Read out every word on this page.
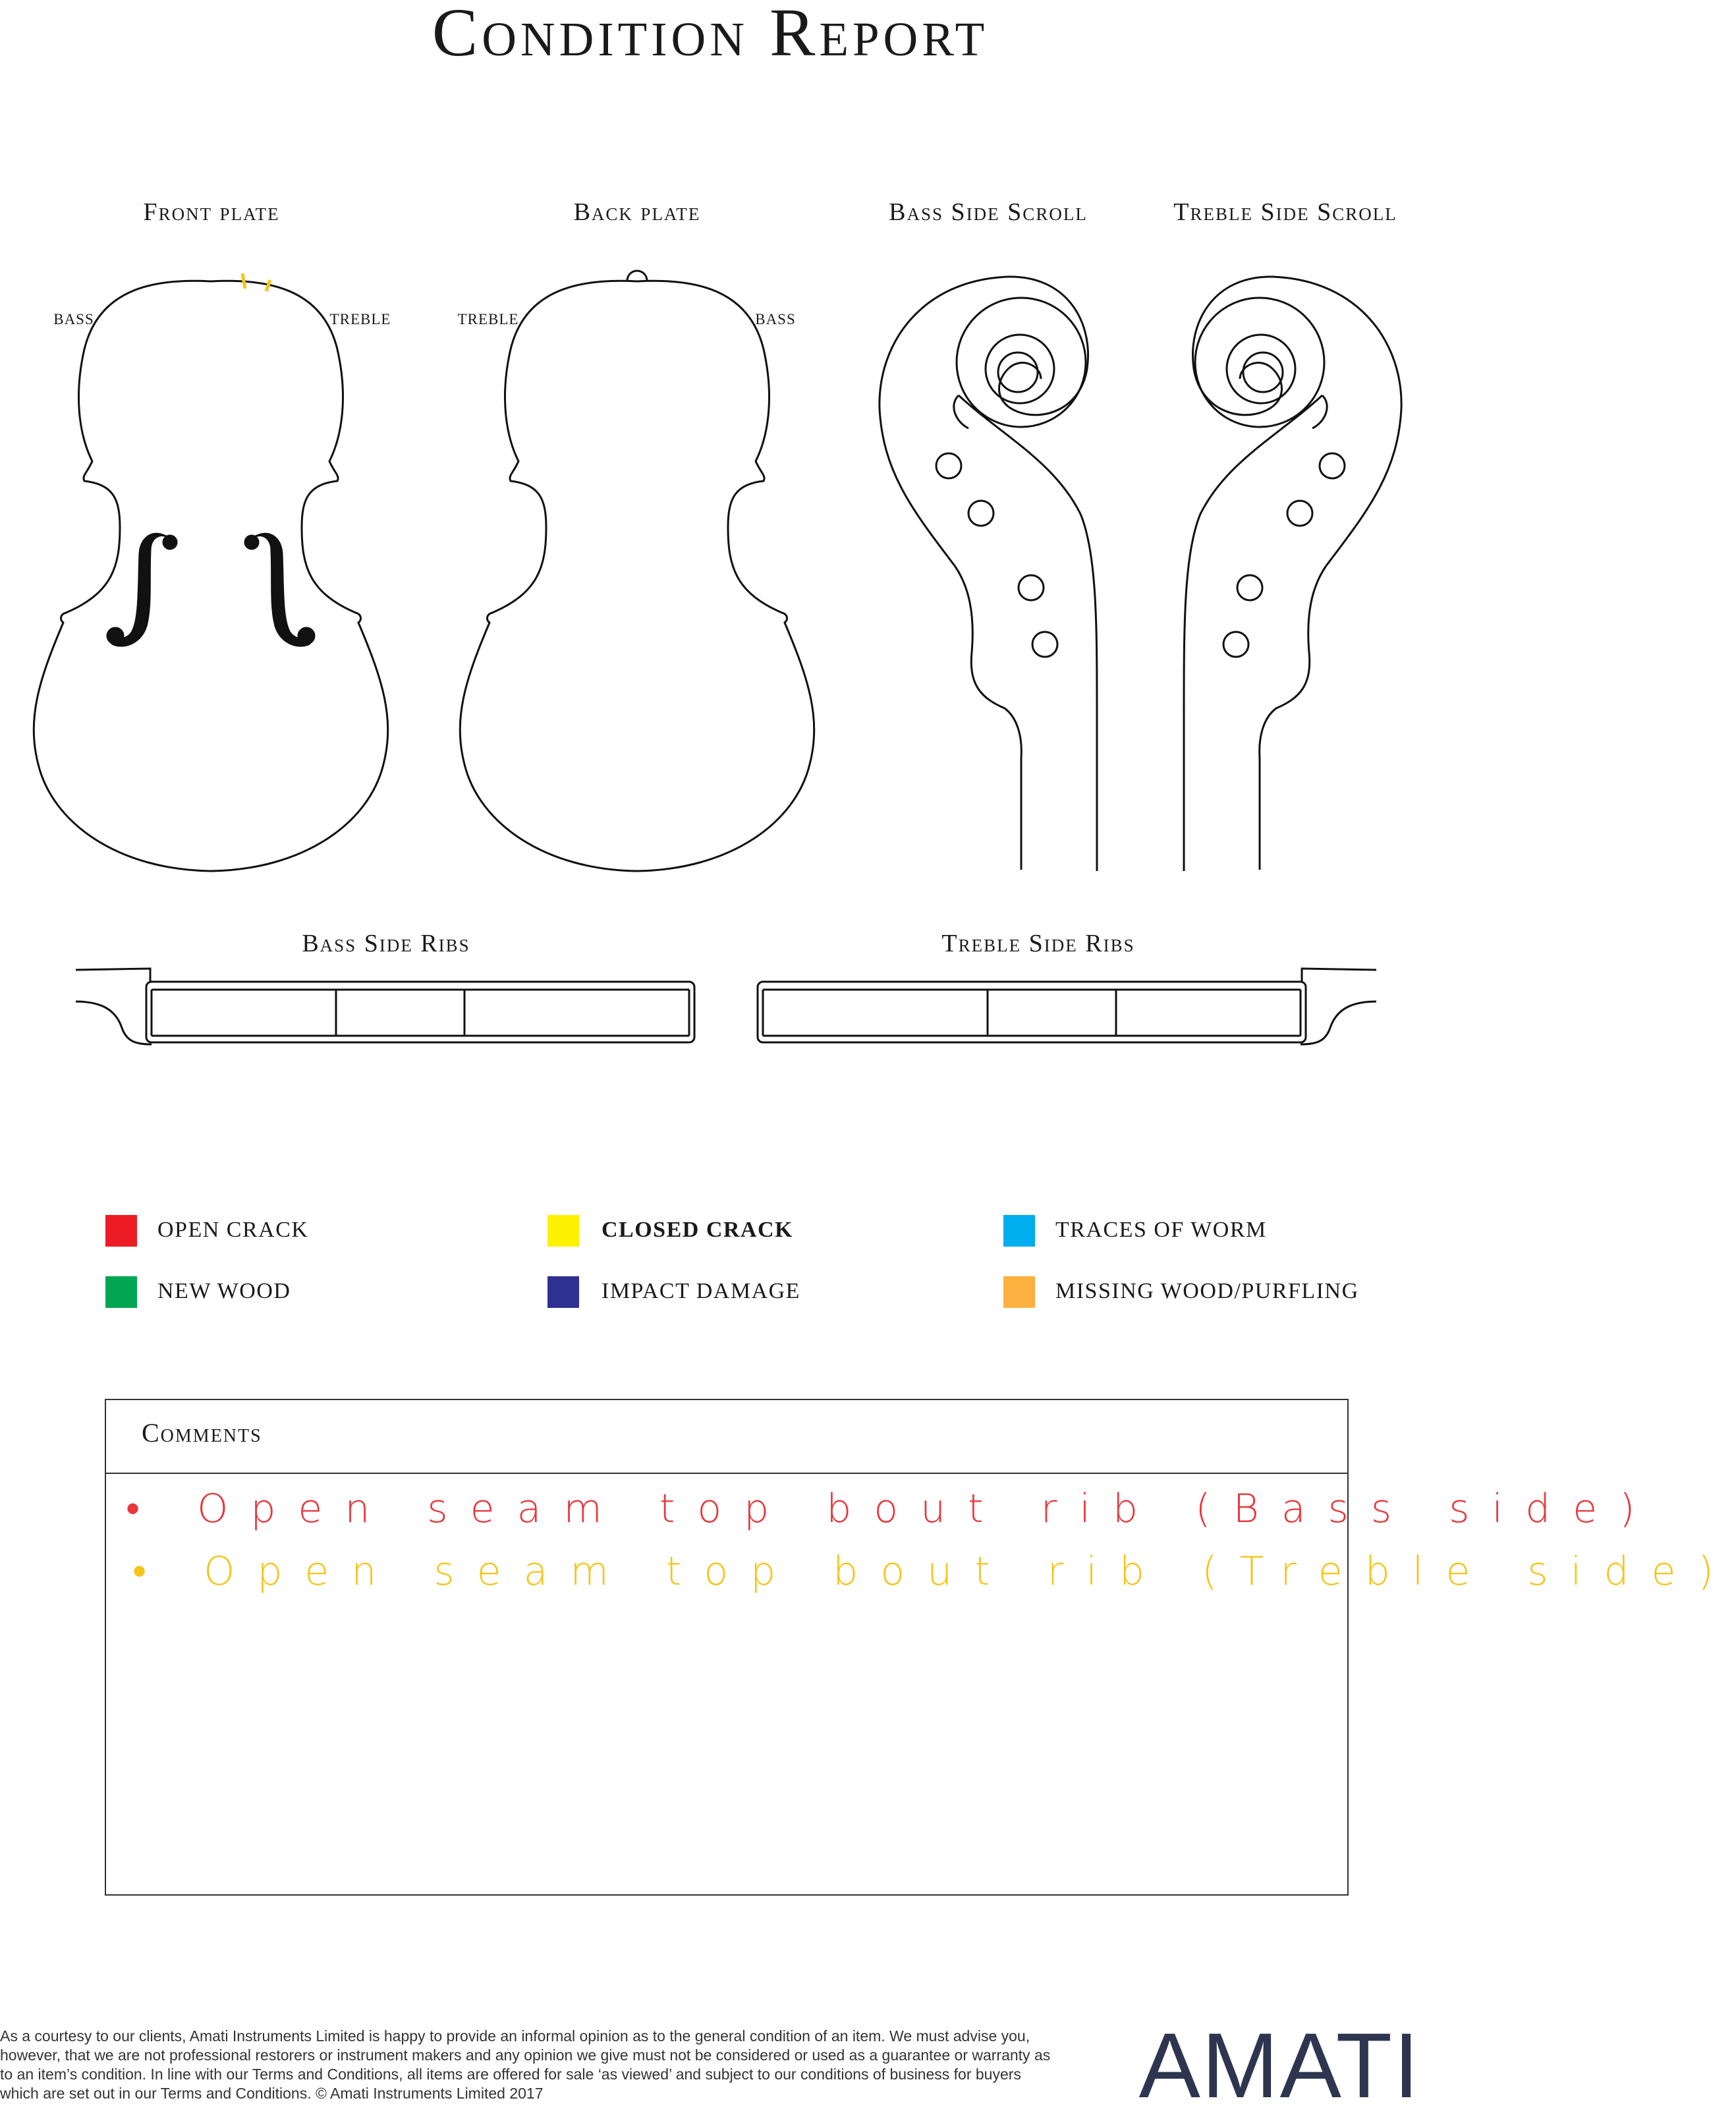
Condition Report
Front plate	Back plate	Bass Side Scroll	Treble Side Scroll
BASS	TREBLE	TREBLE	BASS
Bass Side Ribs	Treble Side Ribs
OPEN CRACK	CLOSED CRACK	TRACES OF WORM
NEW WOOD	IMPACT DAMAGE	MISSING WOOD/PURFLING
Comments
• Open seam top bout rib (Bass side)
• Open seam top bout rib (Treble side)
As a courtesy to our clients, Amati Instruments Limited is happy to provide an informal opinion as to the general condition of an item. We must advise you, however, that we are not professional restorers or instrument makers and any opinion we give must not be considered or used as a guarantee or warranty as to an item’s condition. In line with our Terms and Conditions, all items are offered for sale ‘as viewed’ and subject to our conditions of business for buyers which are set out in our Terms and Conditions. © Amati Instruments Limited 2017	AMATI
